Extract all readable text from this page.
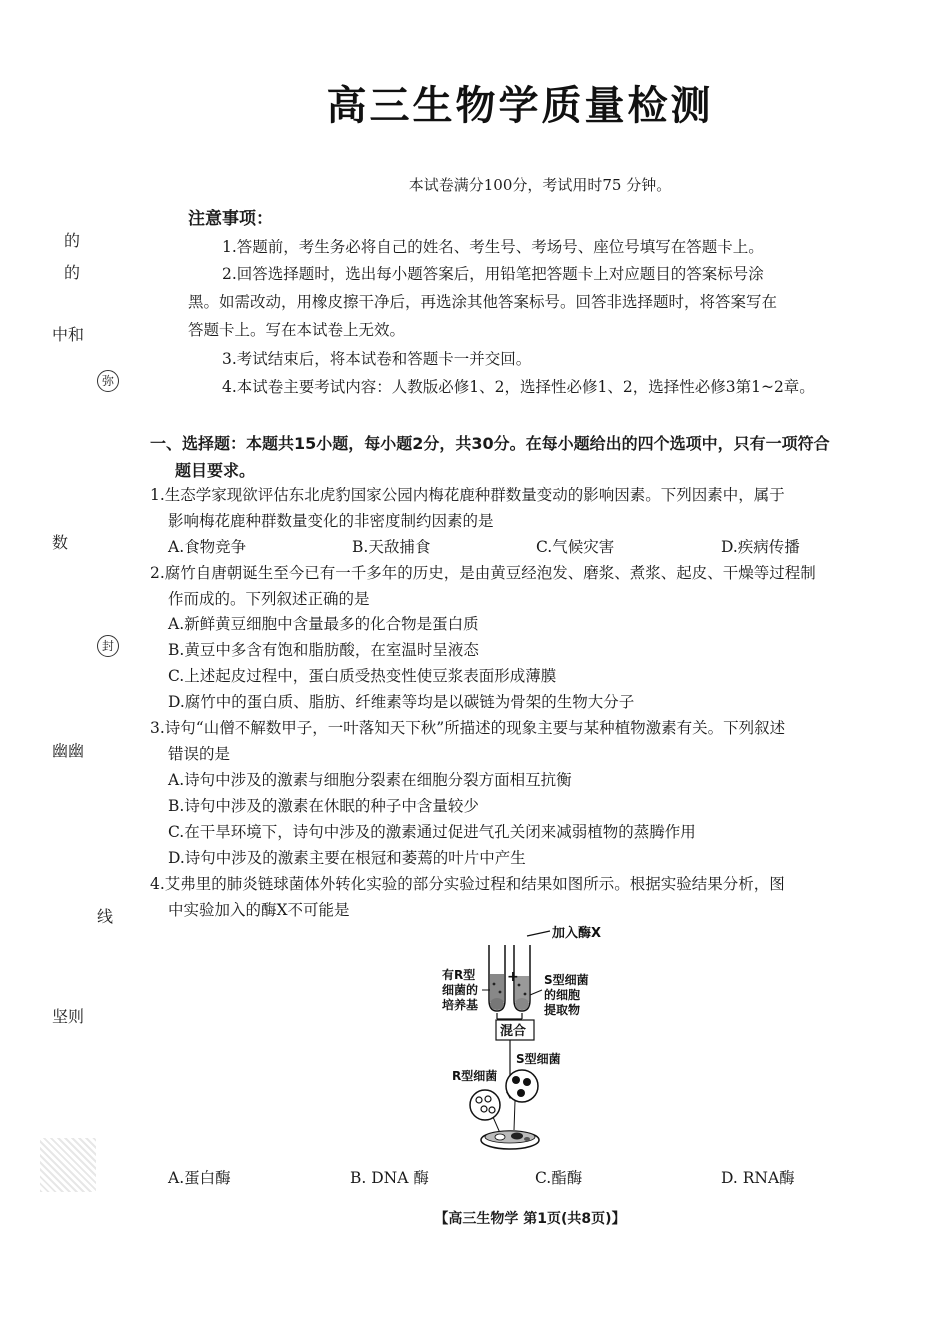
高三生物学质量检测
本试卷满分100分，考试用时75 分钟。
注意事项：
1.答题前，考生务必将自己的姓名、考生号、考场号、座位号填写在答题卡上。
2.回答选择题时，选出每小题答案后，用铅笔把答题卡上对应题目的答案标号涂
黑。如需改动，用橡皮擦干净后，再选涂其他答案标号。回答非选择题时，将答案写在
答题卡上。写在本试卷上无效。
3.考试结束后，将本试卷和答题卡一并交回。
4.本试卷主要考试内容：人教版必修1、2，选择性必修1、2，选择性必修3第1~2章。
的
的
中和
弥
数
封
幽幽
线
坚则
一、选择题：本题共15小题，每小题2分，共30分。在每小题给出的四个选项中，只有一项符合
题目要求。
1.生态学家现欲评估东北虎豹国家公园内梅花鹿种群数量变动的影响因素。下列因素中，属于
影响梅花鹿种群数量变化的非密度制约因素的是
A.食物竞争	B.天敌捕食	C.气候灾害	D.疾病传播
2.腐竹自唐朝诞生至今已有一千多年的历史，是由黄豆经泡发、磨浆、煮浆、起皮、干燥等过程制
作而成的。下列叙述正确的是
A.新鲜黄豆细胞中含量最多的化合物是蛋白质
B.黄豆中多含有饱和脂肪酸，在室温时呈液态
C.上述起皮过程中，蛋白质受热变性使豆浆表面形成薄膜
D.腐竹中的蛋白质、脂肪、纤维素等均是以碳链为骨架的生物大分子
3.诗句“山僧不解数甲子，一叶落知天下秋”所描述的现象主要与某种植物激素有关。下列叙述
错误的是
A.诗句中涉及的激素与细胞分裂素在细胞分裂方面相互抗衡
B.诗句中涉及的激素在休眠的种子中含量较少
C.在干旱环境下，诗句中涉及的激素通过促进气孔关闭来减弱植物的蒸腾作用
D.诗句中涉及的激素主要在根冠和萎蔫的叶片中产生
4.艾弗里的肺炎链球菌体外转化实验的部分实验过程和结果如图所示。根据实验结果分析，图
中实验加入的酶X不可能是
加入酶X
有R型
细菌的
培养基
+ S型细菌
的细胞
提取物
混合
S型细菌
R型细菌
A.蛋白酶	B. DNA 酶	C.酯酶	D. RNA酶
【高三生物学 第1页(共8页)】
